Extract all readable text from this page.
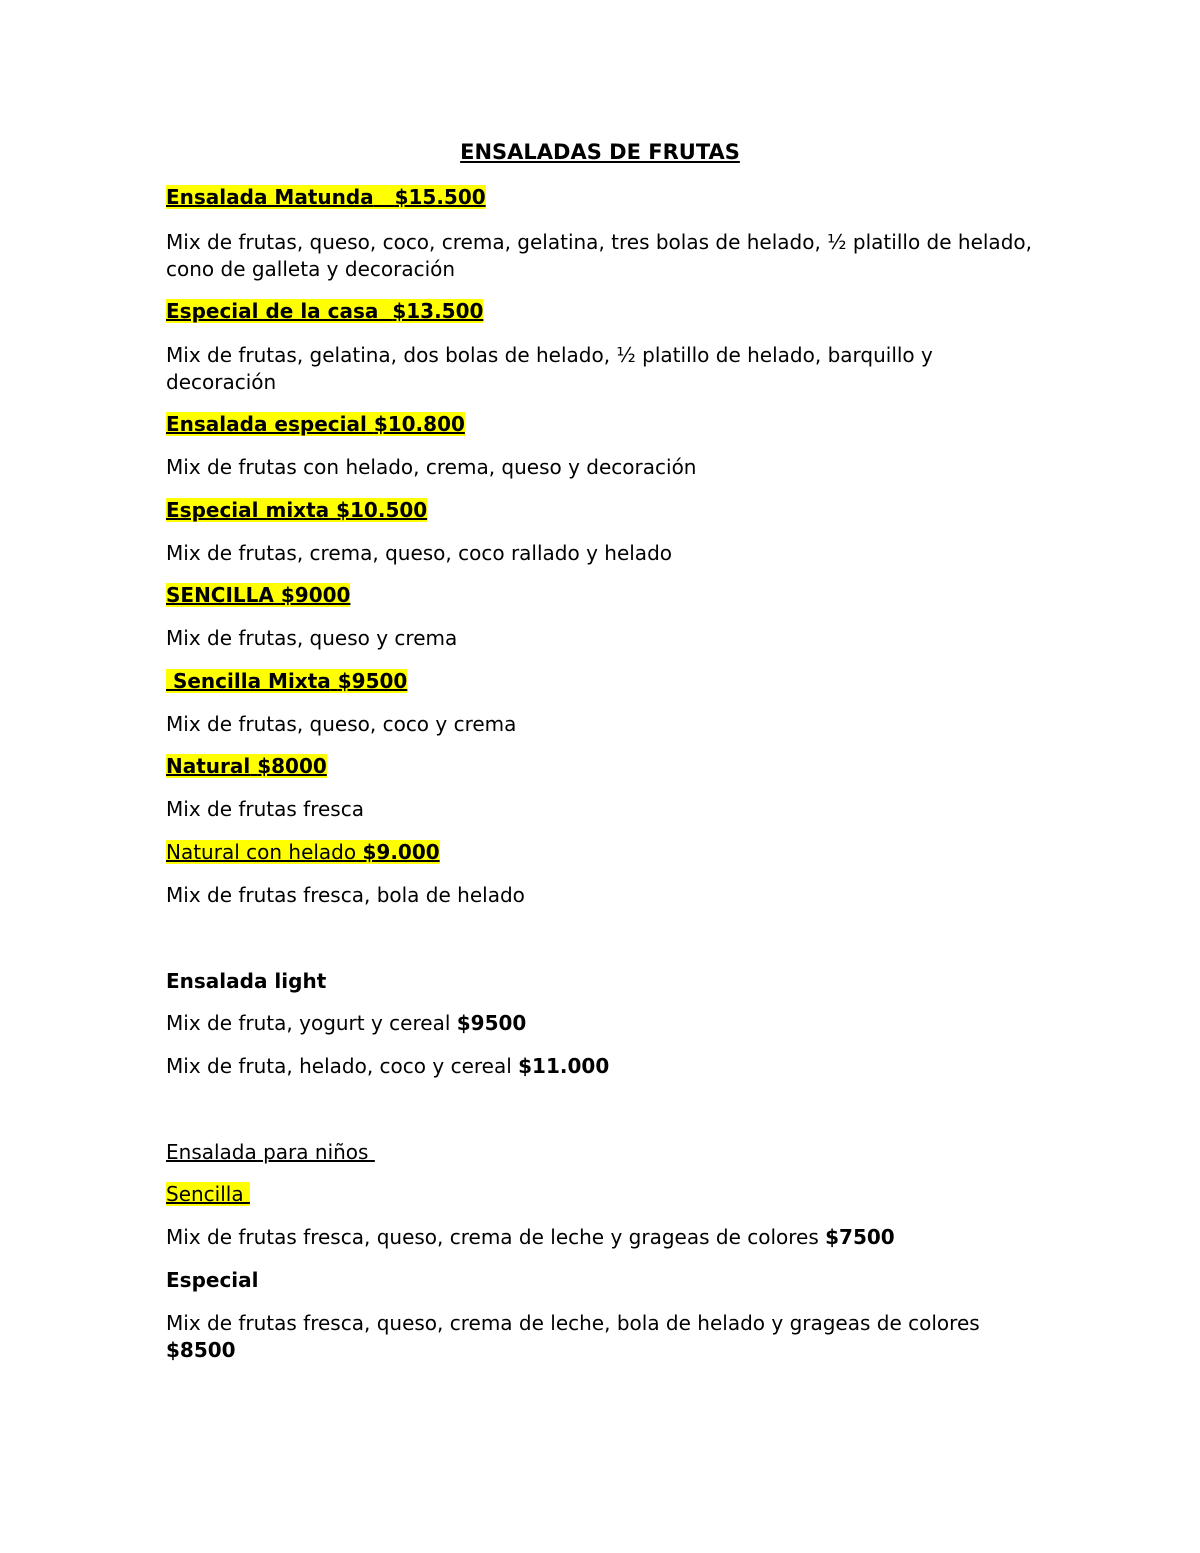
ENSALADAS DE FRUTAS
Ensalada Matunda $15.500
Mix de frutas, queso, coco, crema, gelatina, tres bolas de helado, ½ platillo de helado, cono de galleta y decoración
Especial de la casa $13.500
Mix de frutas, gelatina, dos bolas de helado, ½ platillo de helado, barquillo y decoración
Ensalada especial $10.800
Mix de frutas con helado, crema, queso y decoración
Especial mixta $10.500
Mix de frutas, crema, queso, coco rallado y helado
SENCILLA $9000
Mix de frutas, queso y crema
Sencilla Mixta $9500
Mix de frutas, queso, coco y crema
Natural $8000
Mix de frutas fresca
Natural con helado $9.000
Mix de frutas fresca, bola de helado
Ensalada light
Mix de fruta, yogurt y cereal $9500
Mix de fruta, helado, coco y cereal $11.000
Ensalada para niños
Sencilla
Mix de frutas fresca, queso, crema de leche y grageas de colores $7500
Especial
Mix de frutas fresca, queso, crema de leche, bola de helado y grageas de colores $8500
